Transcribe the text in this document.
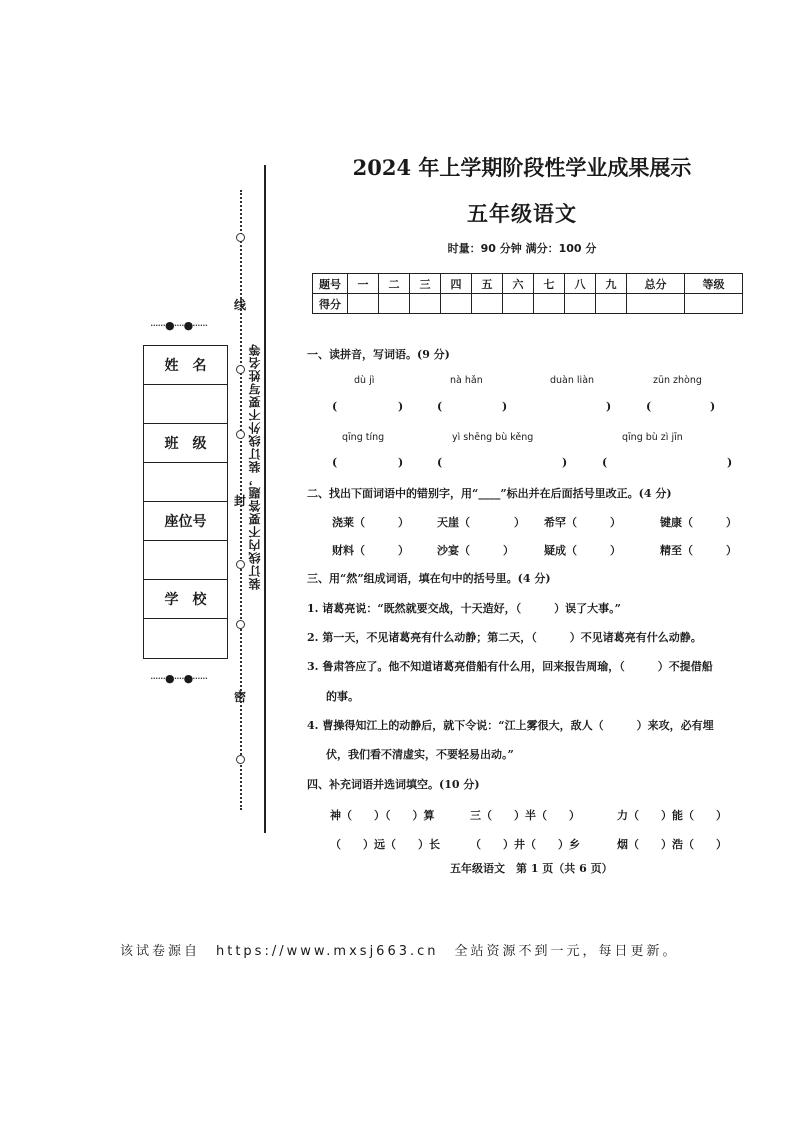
2024 年上学期阶段性学业成果展示
五年级语文
时量：90 分钟 满分：100 分
线
封
密
装订线内不要答题，装订线外不要写姓名等
······●····●······
姓　名
班　级
座位号
学　校
······●····●······
题号	一	二	三	四	五	六	七	八	九	总分	等级
得分											
一、读拼音，写词语。(9 分)
dù jì	nà hǎn	duàn liàn	zūn zhòng
(	)	(	)	)	(	)
qīng tíng	yì shēng bù kěng	qīng bù zì jīn
(	)	(	)	(	)
二、找出下面词语中的错别字，用“____”标出并在后面括号里改正。(4 分)
浇莱（　　　）	天崖（　　　　） 希罕（　　　）	键康（　　　）
财料（　　　）	沙宴（　　　）	疑成（　　　）	精至（　　　）
三、用“然”组成词语，填在句中的括号里。(4 分)
1. 诸葛亮说：“既然就要交战，十天造好，（　　　）误了大事。”
2. 第一天，不见诸葛亮有什么动静；第二天，（　　　）不见诸葛亮有什么动静。
3. 鲁肃答应了。他不知道诸葛亮借船有什么用，回来报告周瑜，（　　　）不提借船
的事。
4. 曹操得知江上的动静后，就下令说：“江上雾很大，敌人（　　　）来攻，必有埋
伏，我们看不清虚实，不要轻易出动。”
四、补充词语并选词填空。(10 分)
神（　　）（　　）算	三（　　）半（　　）	力（　　）能（　　）
（　　）远（　　）长	（　　）井（　　）乡	烟（　　）浩（　　）
五年级语文　第 1 页（共 6 页）
该试卷源自　https://www.mxsj663.cn　全站资源不到一元，每日更新。
